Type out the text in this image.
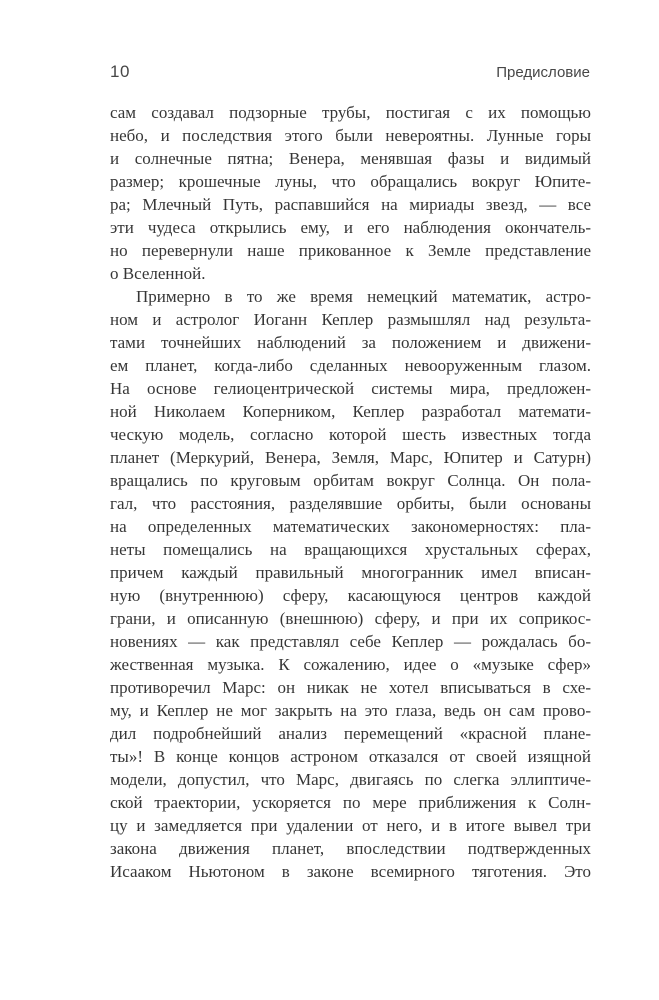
10	Предисловие
сам создавал подзорные трубы, постигая с их помощью
небо, и последствия этого были невероятны. Лунные горы
и солнечные пятна; Венера, менявшая фазы и видимый
размер; крошечные луны, что обращались вокруг Юпите-
ра; Млечный Путь, распавшийся на мириады звезд, — все
эти чудеса открылись ему, и его наблюдения окончатель-
но перевернули наше прикованное к Земле представление
о Вселенной.
Примерно в то же время немецкий математик, астро-
ном и астролог Иоганн Кеплер размышлял над результа-
тами точнейших наблюдений за положением и движени-
ем планет, когда-либо сделанных невооруженным глазом.
На основе гелиоцентрической системы мира, предложен-
ной Николаем Коперником, Кеплер разработал математи-
ческую модель, согласно которой шесть известных тогда
планет (Меркурий, Венера, Земля, Марс, Юпитер и Сатурн)
вращались по круговым орбитам вокруг Солнца. Он пола-
гал, что расстояния, разделявшие орбиты, были основаны
на определенных математических закономерностях: пла-
неты помещались на вращающихся хрустальных сферах,
причем каждый правильный многогранник имел вписан-
ную (внутреннюю) сферу, касающуюся центров каждой
грани, и описанную (внешнюю) сферу, и при их соприкос-
новениях — как представлял себе Кеплер — рождалась бо-
жественная музыка. К сожалению, идее о «музыке сфер»
противоречил Марс: он никак не хотел вписываться в схе-
му, и Кеплер не мог закрыть на это глаза, ведь он сам прово-
дил подробнейший анализ перемещений «красной плане-
ты»! В конце концов астроном отказался от своей изящной
модели, допустил, что Марс, двигаясь по слегка эллиптиче-
ской траектории, ускоряется по мере приближения к Солн-
цу и замедляется при удалении от него, и в итоге вывел три
закона движения планет, впоследствии подтвержденных
Исааком Ньютоном в законе всемирного тяготения. Это
